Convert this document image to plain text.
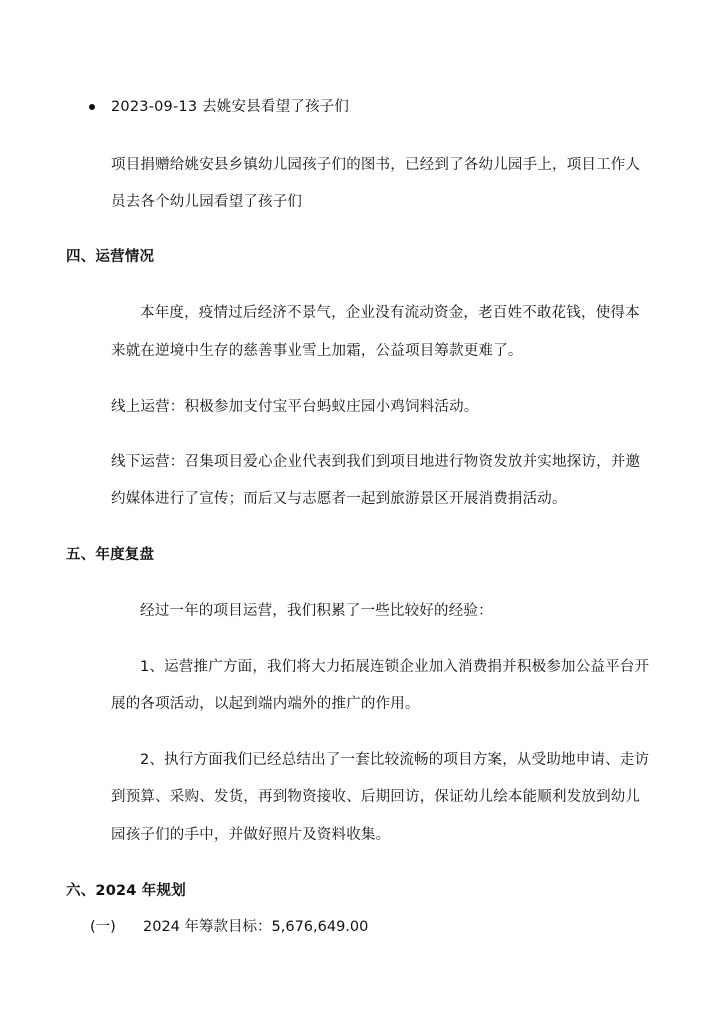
2023-09-13 去姚安县看望了孩子们
项目捐赠给姚安县乡镇幼儿园孩子们的图书，已经到了各幼儿园手上，项目工作人
员去各个幼儿园看望了孩子们
四、运营情况
本年度，疫情过后经济不景气，企业没有流动资金，老百姓不敢花钱，使得本
来就在逆境中生存的慈善事业雪上加霜，公益项目筹款更难了。
线上运营：积极参加支付宝平台蚂蚁庄园小鸡饲料活动。
线下运营：召集项目爱心企业代表到我们到项目地进行物资发放并实地探访，并邀
约媒体进行了宣传；而后又与志愿者一起到旅游景区开展消费捐活动。
五、年度复盘
经过一年的项目运营，我们积累了一些比较好的经验：
1、运营推广方面，我们将大力拓展连锁企业加入消费捐并积极参加公益平台开
展的各项活动，以起到端内端外的推广的作用。
2、执行方面我们已经总结出了一套比较流畅的项目方案，从受助地申请、走访
到预算、采购、发货，再到物资接收、后期回访，保证幼儿绘本能顺利发放到幼儿
园孩子们的手中，并做好照片及资料收集。
六、2024 年规划
(一) 2024 年筹款目标：5,676,649.00
